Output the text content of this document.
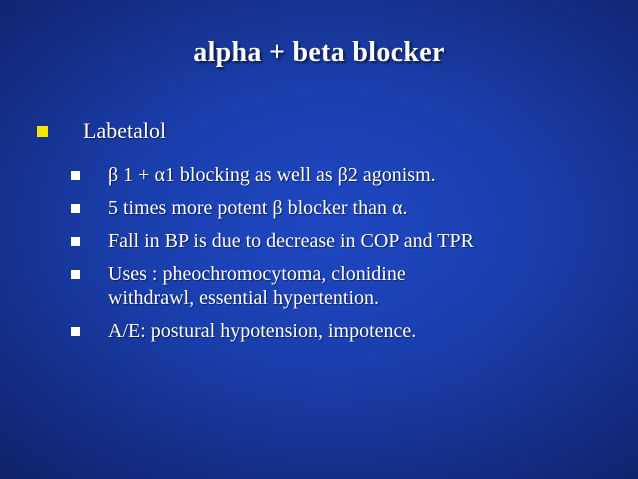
alpha + beta blocker
Labetalol
β 1 + α1 blocking as well as β2 agonism.
5 times more potent β blocker than α.
Fall in BP is due to decrease in COP and TPR
Uses : pheochromocytoma, clonidine
withdrawl, essential hypertention.
A/E: postural hypotension, impotence.
